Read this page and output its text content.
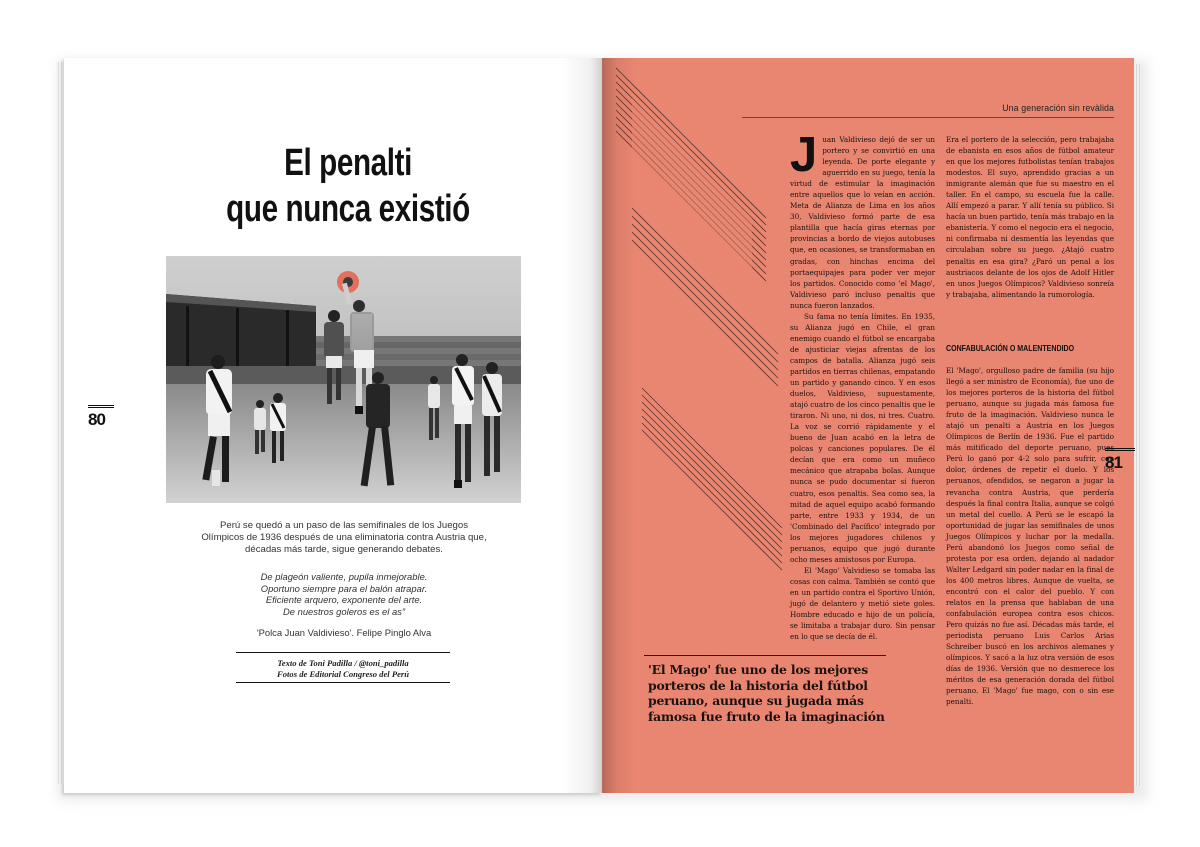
El penalti
que nunca existió
80
Perú se quedó a un paso de las semifinales de los Juegos Olímpicos de 1936 después de una eliminatoria contra Austria que, décadas más tarde, sigue generando debates.

De plageón valiente, pupila inmejorable.

Oportuno siempre para el balón atrapar.

Eficiente arquero, exponente del arte.

De nuestros goleros es el as”

'Polca Juan Valdivieso'. Felipe Pinglo Alva
Texto de Toni Padilla / @toni_padilla
Fotos de Editorial Congreso del Perú
Una generación sin revàlida
J uan Valdivieso dejó de ser un portero y se convirtió en una leyenda. De porte elegante y aguerrido en su juego, tenía la virtud de estimular la imaginación entre aquellos que lo veían en acción. Meta de Alianza de Lima en los años 30, Valdivieso formó parte de esa plantilla que hacía giras eternas por provincias a bordo de viejos autobuses que, en ocasiones, se transformaban en gradas, con hinchas encima del portaequipajes para poder ver mejor los partidos. Conocido como 'el Mago', Valdivieso paró incluso penaltis que nunca fueron lanzados.

Su fama no tenía límites. En 1935, su Alianza jugó en Chile, el gran enemigo cuando el fútbol se encargaba de ajusticiar viejas afrentas de los campos de batalla. Alianza jugó seis partidos en tierras chilenas, empatando un partido y ganando cinco. Y en esos duelos, Valdivieso, supuestamente, atajó cuatro de los cinco penaltis que le tiraron. Ni uno, ni dos, ni tres. Cuatro. La voz se corrió rápidamente y el bueno de Juan acabó en la letra de polcas y canciones populares. De él decían que era como un muñeco mecánico que atrapaba bolas. Aunque nunca se pudo documentar si fueron cuatro, esos penaltis. Sea como sea, la mitad de aquel equipo acabó formando parte, entre 1933 y 1934, de un 'Combinado del Pacífico' integrado por los mejores jugadores chilenos y peruanos, equipo que jugó durante ocho meses amistosos por Europa.

El 'Mago' Valvidieso se tomaba las cosas con calma. También se contó que en un partido contra el Sportivo Unión, jugó de delantero y metió siete goles. Hombre educado e hijo de un policía, se limitaba a trabajar duro. Sin pensar en lo que se decía de él.

Era el portero de la selección, pero trabajaba de ebanista en esos años de fútbol amateur en que los mejores futbolistas tenían trabajos modestos. El suyo, aprendido gracias a un inmigrante alemán que fue su maestro en el taller. En el campo, su escuela fue la calle. Allí empezó a parar. Y allí tenía su público. Si hacía un buen partido, tenía más trabajo en la ebanistería. Y como el negocio era el negocio, ni confirmaba ni desmentía las leyendas que circulaban sobre su juego. ¿Atajó cuatro penaltis en esa gira? ¿Paró un penal a los austriacos delante de los ojos de Adolf Hitler en unos Juegos Olímpicos? Valdivieso sonreía y trabajaba, alimentando la rumorología.

CONFABULACIÓN O MALENTENDIDO

El 'Mago', orgulloso padre de familia (su hijo llegó a ser ministro de Economía), fue uno de los mejores porteros de la historia del fútbol peruano, aunque su jugada más famosa fue fruto de la imaginación. Valdivieso nunca le atajó un penalti a Austria en los Juegos Olímpicos de Berlín de 1936. Fue el partido más mitificado del deporte peruano, pues Perú lo ganó por 4-2 solo para sufrir, con dolor, órdenes de repetir el duelo. Y los peruanos, ofendidos, se negaron a jugar la revancha contra Austria, que perdería después la final contra Italia, aunque se colgó un metal del cuello. A Perú se le escapó la oportunidad de jugar las semifinales de unos Juegos Olímpicos y luchar por la medalla. Perú abandonó los Juegos como señal de protesta por esa orden, dejando al nadador Walter Ledgard sin poder nadar en la final de los 400 metros libres. Aunque de vuelta, se encontró con el calor del pueblo. Y con relatos en la prensa que hablaban de una confabulación europea contra esos chicos. Pero quizás no fue así. Décadas más tarde, el periodista peruano Luis Carlos Arias Schreiber buscó en los archivos alemanes y olímpicos. Y sacó a la luz otra versión de esos días de 1936. Versión que no desmerece los méritos de esa generación dorada del fútbol peruano. El 'Mago' fue mago, con o sin ese penalti.

'El Mago' fue uno de los mejores porteros de la historia del fútbol peruano, aunque su jugada más famosa fue fruto de la imaginación
81
